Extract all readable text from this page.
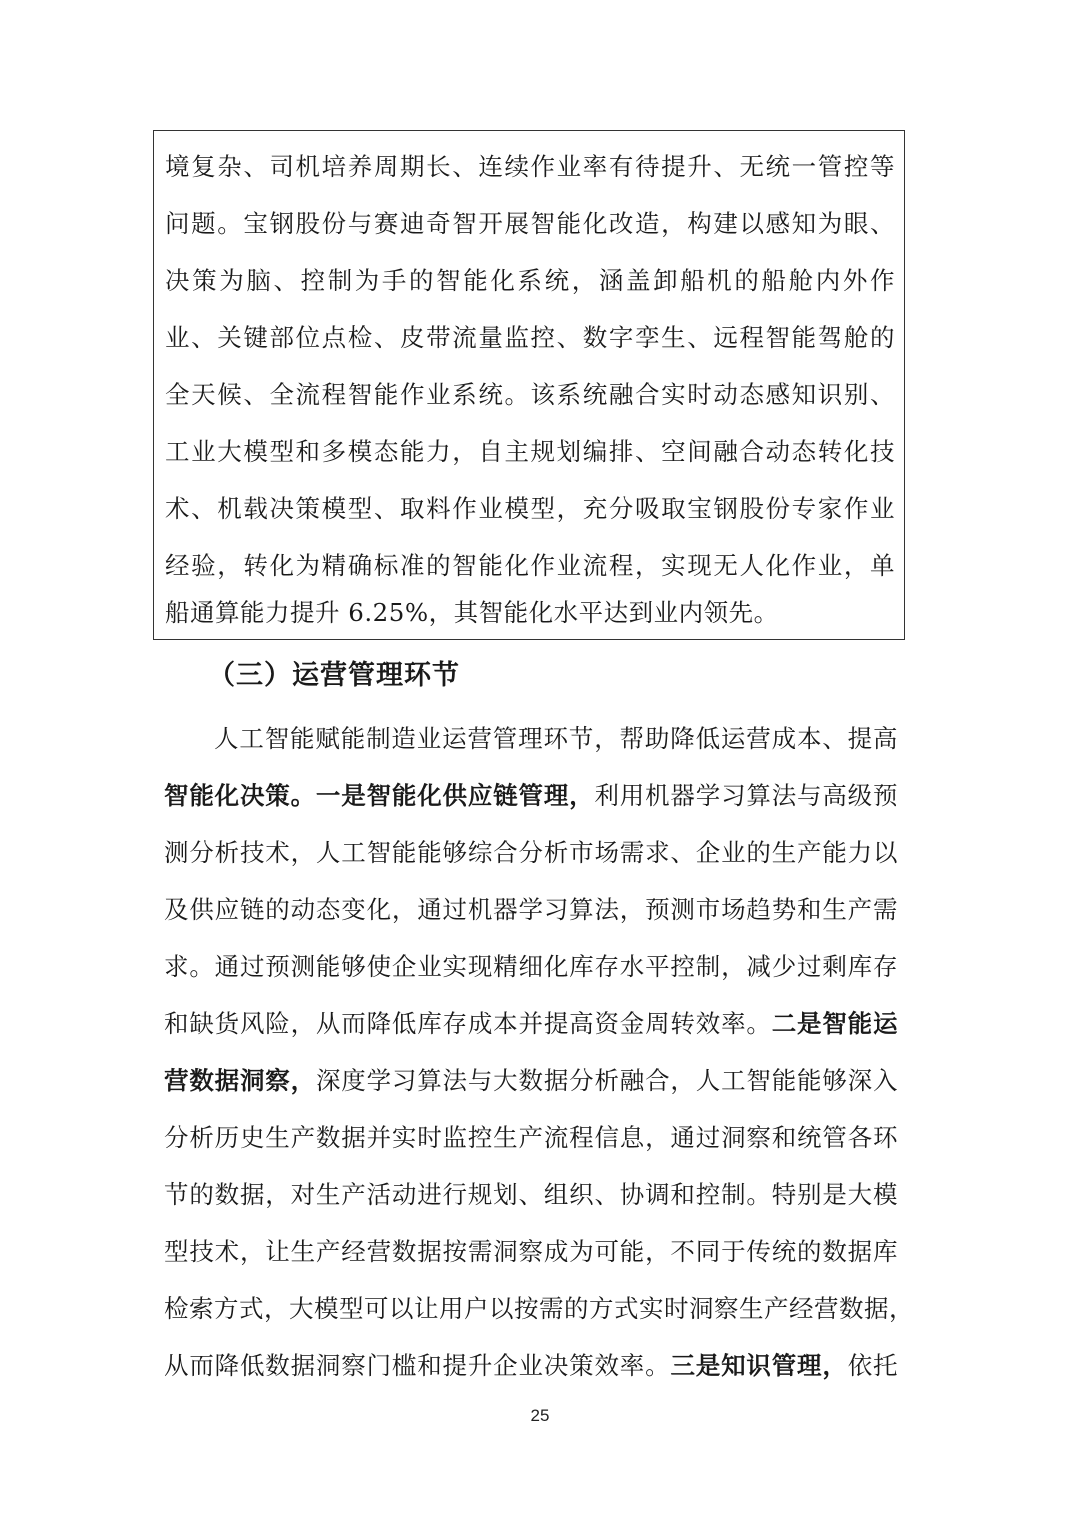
境复杂、司机培养周期长、连续作业率有待提升、无统一管控等
问题。宝钢股份与赛迪奇智开展智能化改造，构建以感知为眼、
决策为脑、控制为手的智能化系统，涵盖卸船机的船舱内外作
业、关键部位点检、皮带流量监控、数字孪生、远程智能驾舱的
全天候、全流程智能作业系统。该系统融合实时动态感知识别、
工业大模型和多模态能力，自主规划编排、空间融合动态转化技
术、机载决策模型、取料作业模型，充分吸取宝钢股份专家作业
经验，转化为精确标准的智能化作业流程，实现无人化作业，单
船通算能力提升 6.25%，其智能化水平达到业内领先。
（三）运营管理环节
人工智能赋能制造业运营管理环节，帮助降低运营成本、提高
智能化决策。一是智能化供应链管理，利用机器学习算法与高级预
测分析技术，人工智能能够综合分析市场需求、企业的生产能力以
及供应链的动态变化，通过机器学习算法，预测市场趋势和生产需
求。通过预测能够使企业实现精细化库存水平控制，减少过剩库存
和缺货风险，从而降低库存成本并提高资金周转效率。二是智能运
营数据洞察，深度学习算法与大数据分析融合，人工智能能够深入
分析历史生产数据并实时监控生产流程信息，通过洞察和统管各环
节的数据，对生产活动进行规划、组织、协调和控制。特别是大模
型技术，让生产经营数据按需洞察成为可能，不同于传统的数据库
检索方式，大模型可以让用户以按需的方式实时洞察生产经营数据，
从而降低数据洞察门槛和提升企业决策效率。三是知识管理，依托
25
